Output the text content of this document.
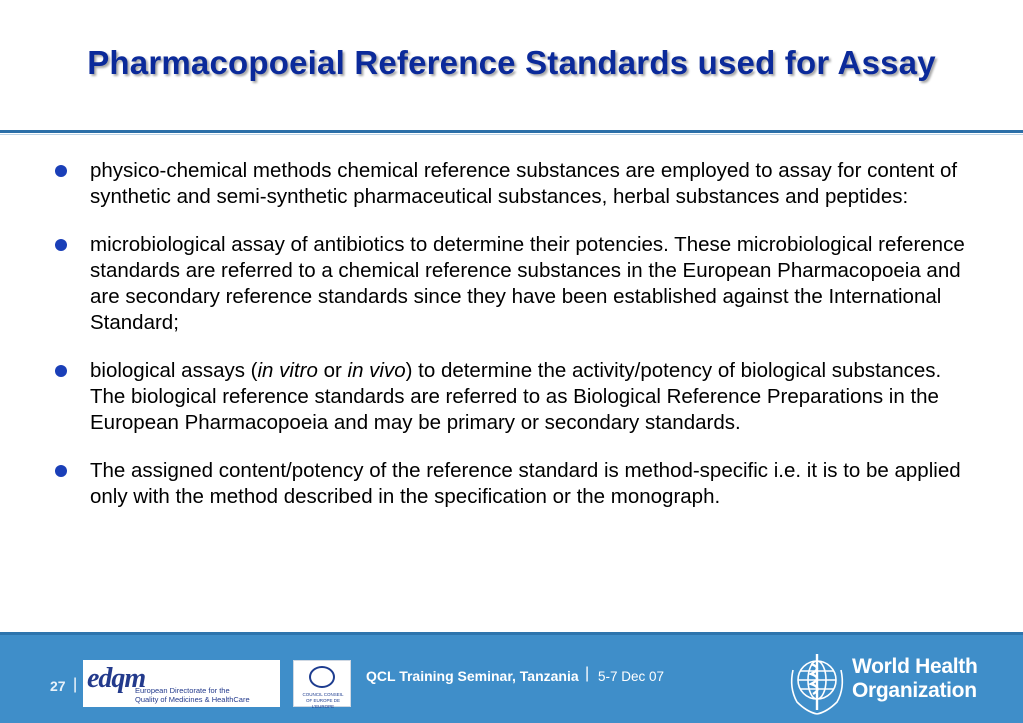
Pharmacopoeial Reference Standards used for Assay
physico-chemical methods chemical reference substances are employed to assay for content of synthetic and semi-synthetic pharmaceutical substances, herbal substances and peptides:
microbiological assay of antibiotics to determine their potencies. These microbiological reference standards are referred to a chemical reference substances in the European Pharmacopoeia and are secondary reference standards since they have been established against the International Standard;
biological assays (in vitro or in vivo) to determine the activity/potency of biological substances. The biological reference standards are referred to as Biological Reference Preparations in the European Pharmacopoeia and may be primary or secondary standards.
The assigned content/potency of the reference standard is method-specific i.e. it is to be applied only with the method described in the specification or the monograph.
27 | edqm
European Directorate for the
Quality of Medicines & HealthCare
COUNCIL CONSEIL
OF EUROPE DE L'EUROPE
QCL Training Seminar, Tanzania | 5-7 Dec 07	World Health
Organization
